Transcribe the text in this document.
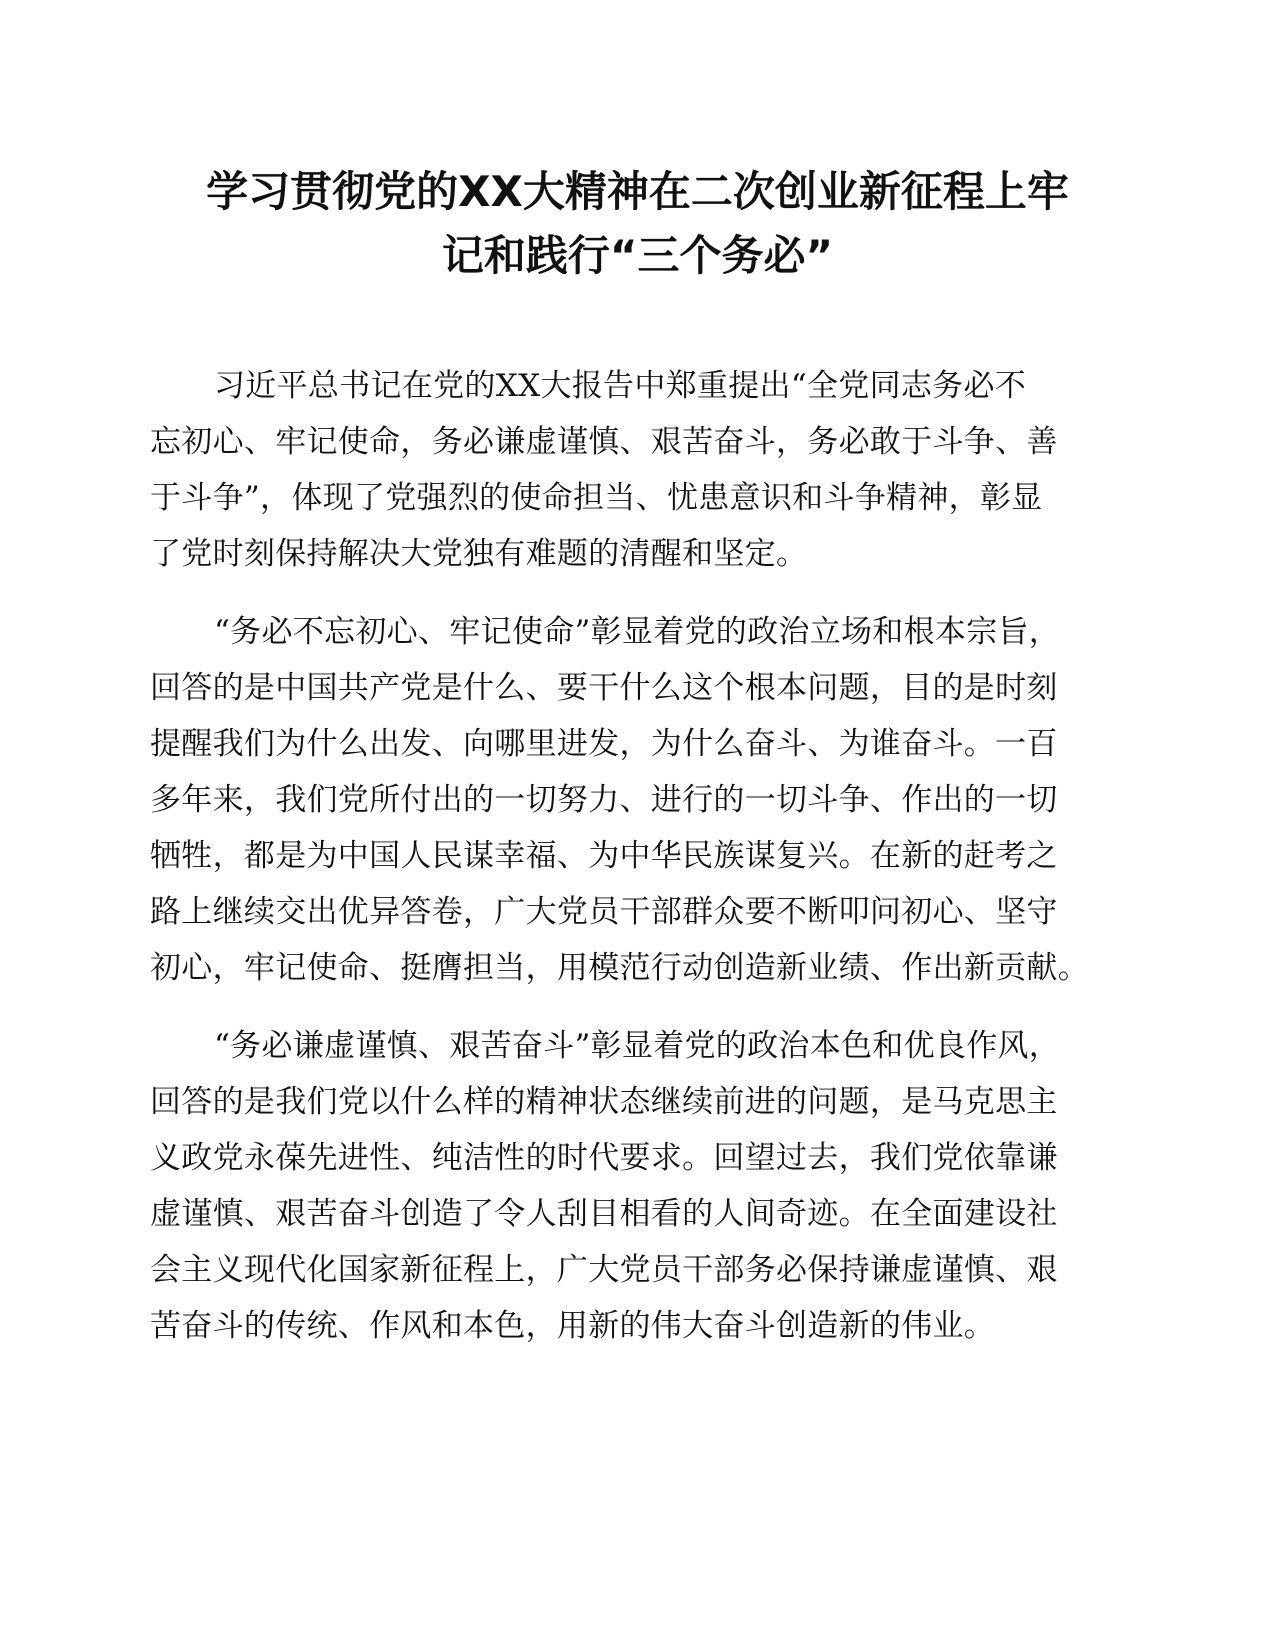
学习贯彻党的XX大精神在二次创业新征程上牢
记和践行“三个务必”
习近平总书记在党的XX大报告中郑重提出“全党同志务必不
忘初心、牢记使命，务必谦虚谨慎、艰苦奋斗，务必敢于斗争、善
于斗争”，体现了党强烈的使命担当、忧患意识和斗争精神，彰显
了党时刻保持解决大党独有难题的清醒和坚定。
“务必不忘初心、牢记使命”彰显着党的政治立场和根本宗旨，
回答的是中国共产党是什么、要干什么这个根本问题，目的是时刻
提醒我们为什么出发、向哪里进发，为什么奋斗、为谁奋斗。一百
多年来，我们党所付出的一切努力、进行的一切斗争、作出的一切
牺牲，都是为中国人民谋幸福、为中华民族谋复兴。在新的赶考之
路上继续交出优异答卷，广大党员干部群众要不断叩问初心、坚守
初心，牢记使命、挺膺担当，用模范行动创造新业绩、作出新贡献。
“务必谦虚谨慎、艰苦奋斗”彰显着党的政治本色和优良作风，
回答的是我们党以什么样的精神状态继续前进的问题，是马克思主
义政党永葆先进性、纯洁性的时代要求。回望过去，我们党依靠谦
虚谨慎、艰苦奋斗创造了令人刮目相看的人间奇迹。在全面建设社
会主义现代化国家新征程上，广大党员干部务必保持谦虚谨慎、艰
苦奋斗的传统、作风和本色，用新的伟大奋斗创造新的伟业。
